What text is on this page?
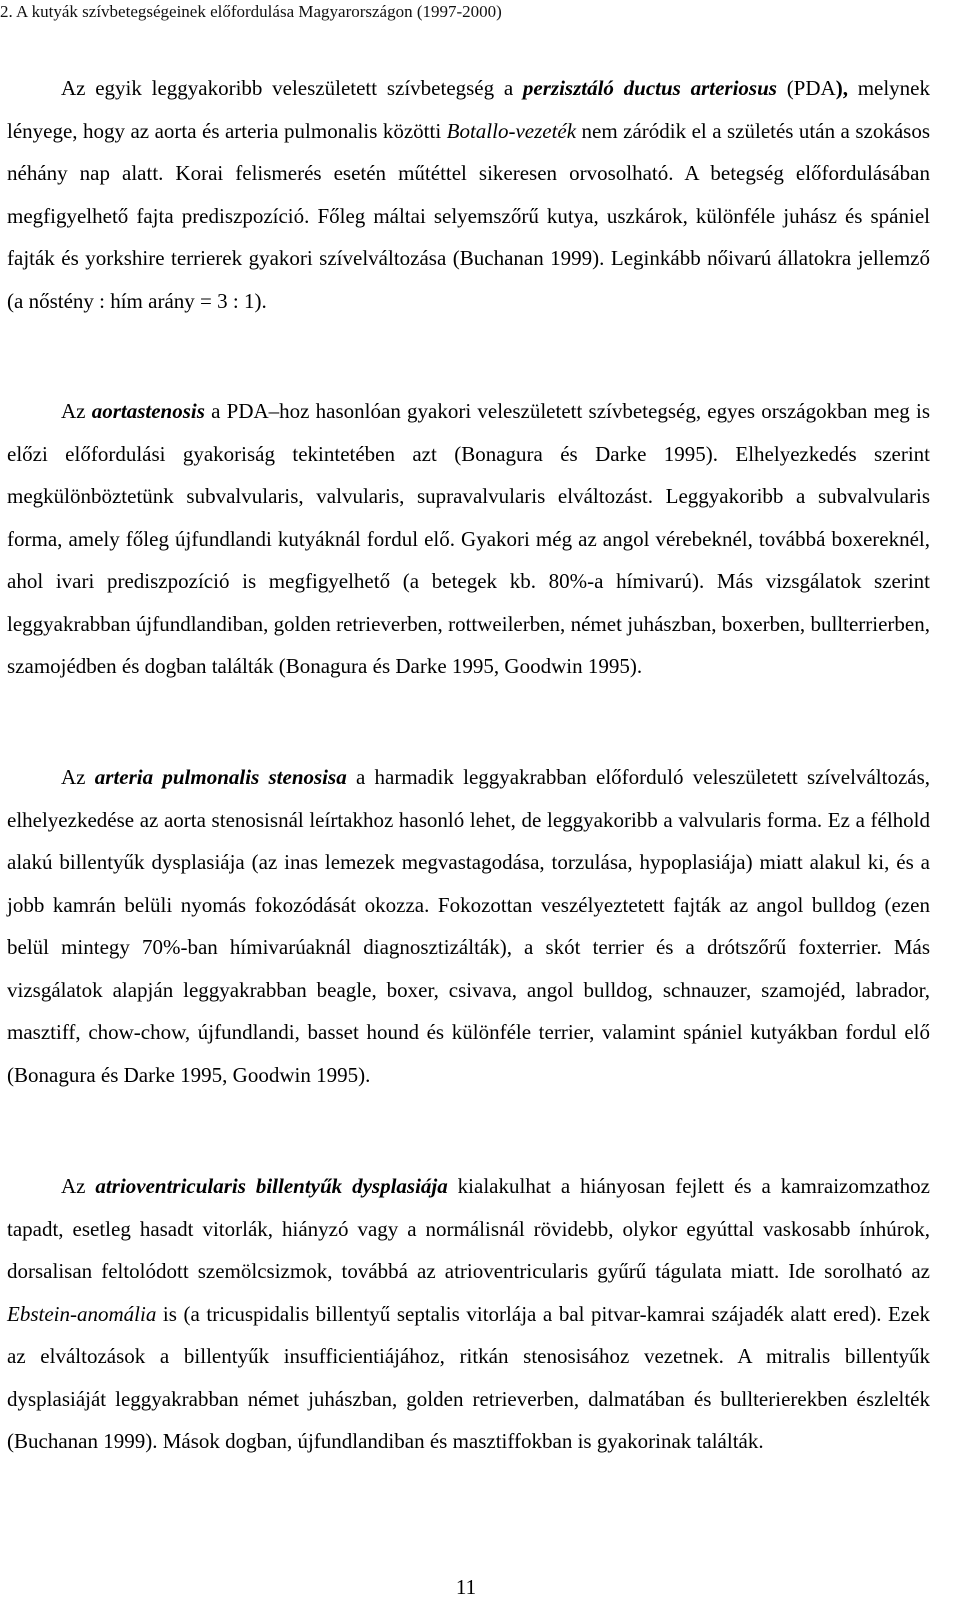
2. A kutyák szívbetegségeinek előfordulása Magyarországon (1997-2000)

Az egyik leggyakoribb veleszületett szívbetegség a perzisztáló ductus arteriosus (PDA), melynek lényege, hogy az aorta és arteria pulmonalis közötti Botallo-vezeték nem záródik el a születés után a szokásos néhány nap alatt. Korai felismerés esetén műtéttel sikeresen orvosolható. A betegség előfordulásában megfigyelhető fajta prediszpozíció. Főleg máltai selyemszőrű kutya, uszkárok, különféle juhász és spániel fajták és yorkshire terrierek gyakori szívelváltozása (Buchanan 1999). Leginkább nőivarú állatokra jellemző (a nőstény : hím arány = 3 : 1).

Az aortastenosis a PDA–hoz hasonlóan gyakori veleszületett szívbetegség, egyes országokban meg is előzi előfordulási gyakoriság tekintetében azt (Bonagura és Darke 1995). Elhelyezkedés szerint megkülönböztetünk subvalvularis, valvularis, supravalvularis elváltozást. Leggyakoribb a subvalvularis forma, amely főleg újfundlandi kutyáknál fordul elő. Gyakori még az angol vérebeknél, továbbá boxereknél, ahol ivari prediszpozíció is megfigyelhető (a betegek kb. 80%-a hímivarú). Más vizsgálatok szerint leggyakrabban újfundlandiban, golden retrieverben, rottweilerben, német juhászban, boxerben, bullterrierben, szamojédben és dogban találták (Bonagura és Darke 1995, Goodwin 1995).

Az arteria pulmonalis stenosisa a harmadik leggyakrabban előforduló veleszületett szívelváltozás, elhelyezkedése az aorta stenosisnál leírtakhoz hasonló lehet, de leggyakoribb a valvularis forma. Ez a félhold alakú billentyűk dysplasiája (az inas lemezek megvastagodása, torzulása, hypoplasiája) miatt alakul ki, és a jobb kamrán belüli nyomás fokozódását okozza. Fokozottan veszélyeztetett fajták az angol bulldog (ezen belül mintegy 70%-ban hímivarúaknál diagnosztizálták), a skót terrier és a drótszőrű foxterrier. Más vizsgálatok alapján leggyakrabban beagle, boxer, csivava, angol bulldog, schnauzer, szamojéd, labrador, masztiff, chow-chow, újfundlandi, basset hound és különféle terrier, valamint spániel kutyákban fordul elő (Bonagura és Darke 1995, Goodwin 1995).

Az atrioventricularis billentyűk dysplasiája kialakulhat a hiányosan fejlett és a kamraizomzathoz tapadt, esetleg hasadt vitorlák, hiányzó vagy a normálisnál rövidebb, olykor egyúttal vaskosabb ínhúrok, dorsalisan feltolódott szemölcsizmok, továbbá az atrioventricularis gyűrű tágulata miatt. Ide sorolható az Ebstein-anomália is (a tricuspidalis billentyű septalis vitorlája a bal pitvar-kamrai szájadék alatt ered). Ezek az elváltozások a billentyűk insufficientiájához, ritkán stenosisához vezetnek. A mitralis billentyűk dysplasiáját leggyakrabban német juhászban, golden retrieverben, dalmatában és bullterierekben észlelték (Buchanan 1999). Mások dogban, újfundlandiban és masztiffokban is gyakorinak találták.

11
